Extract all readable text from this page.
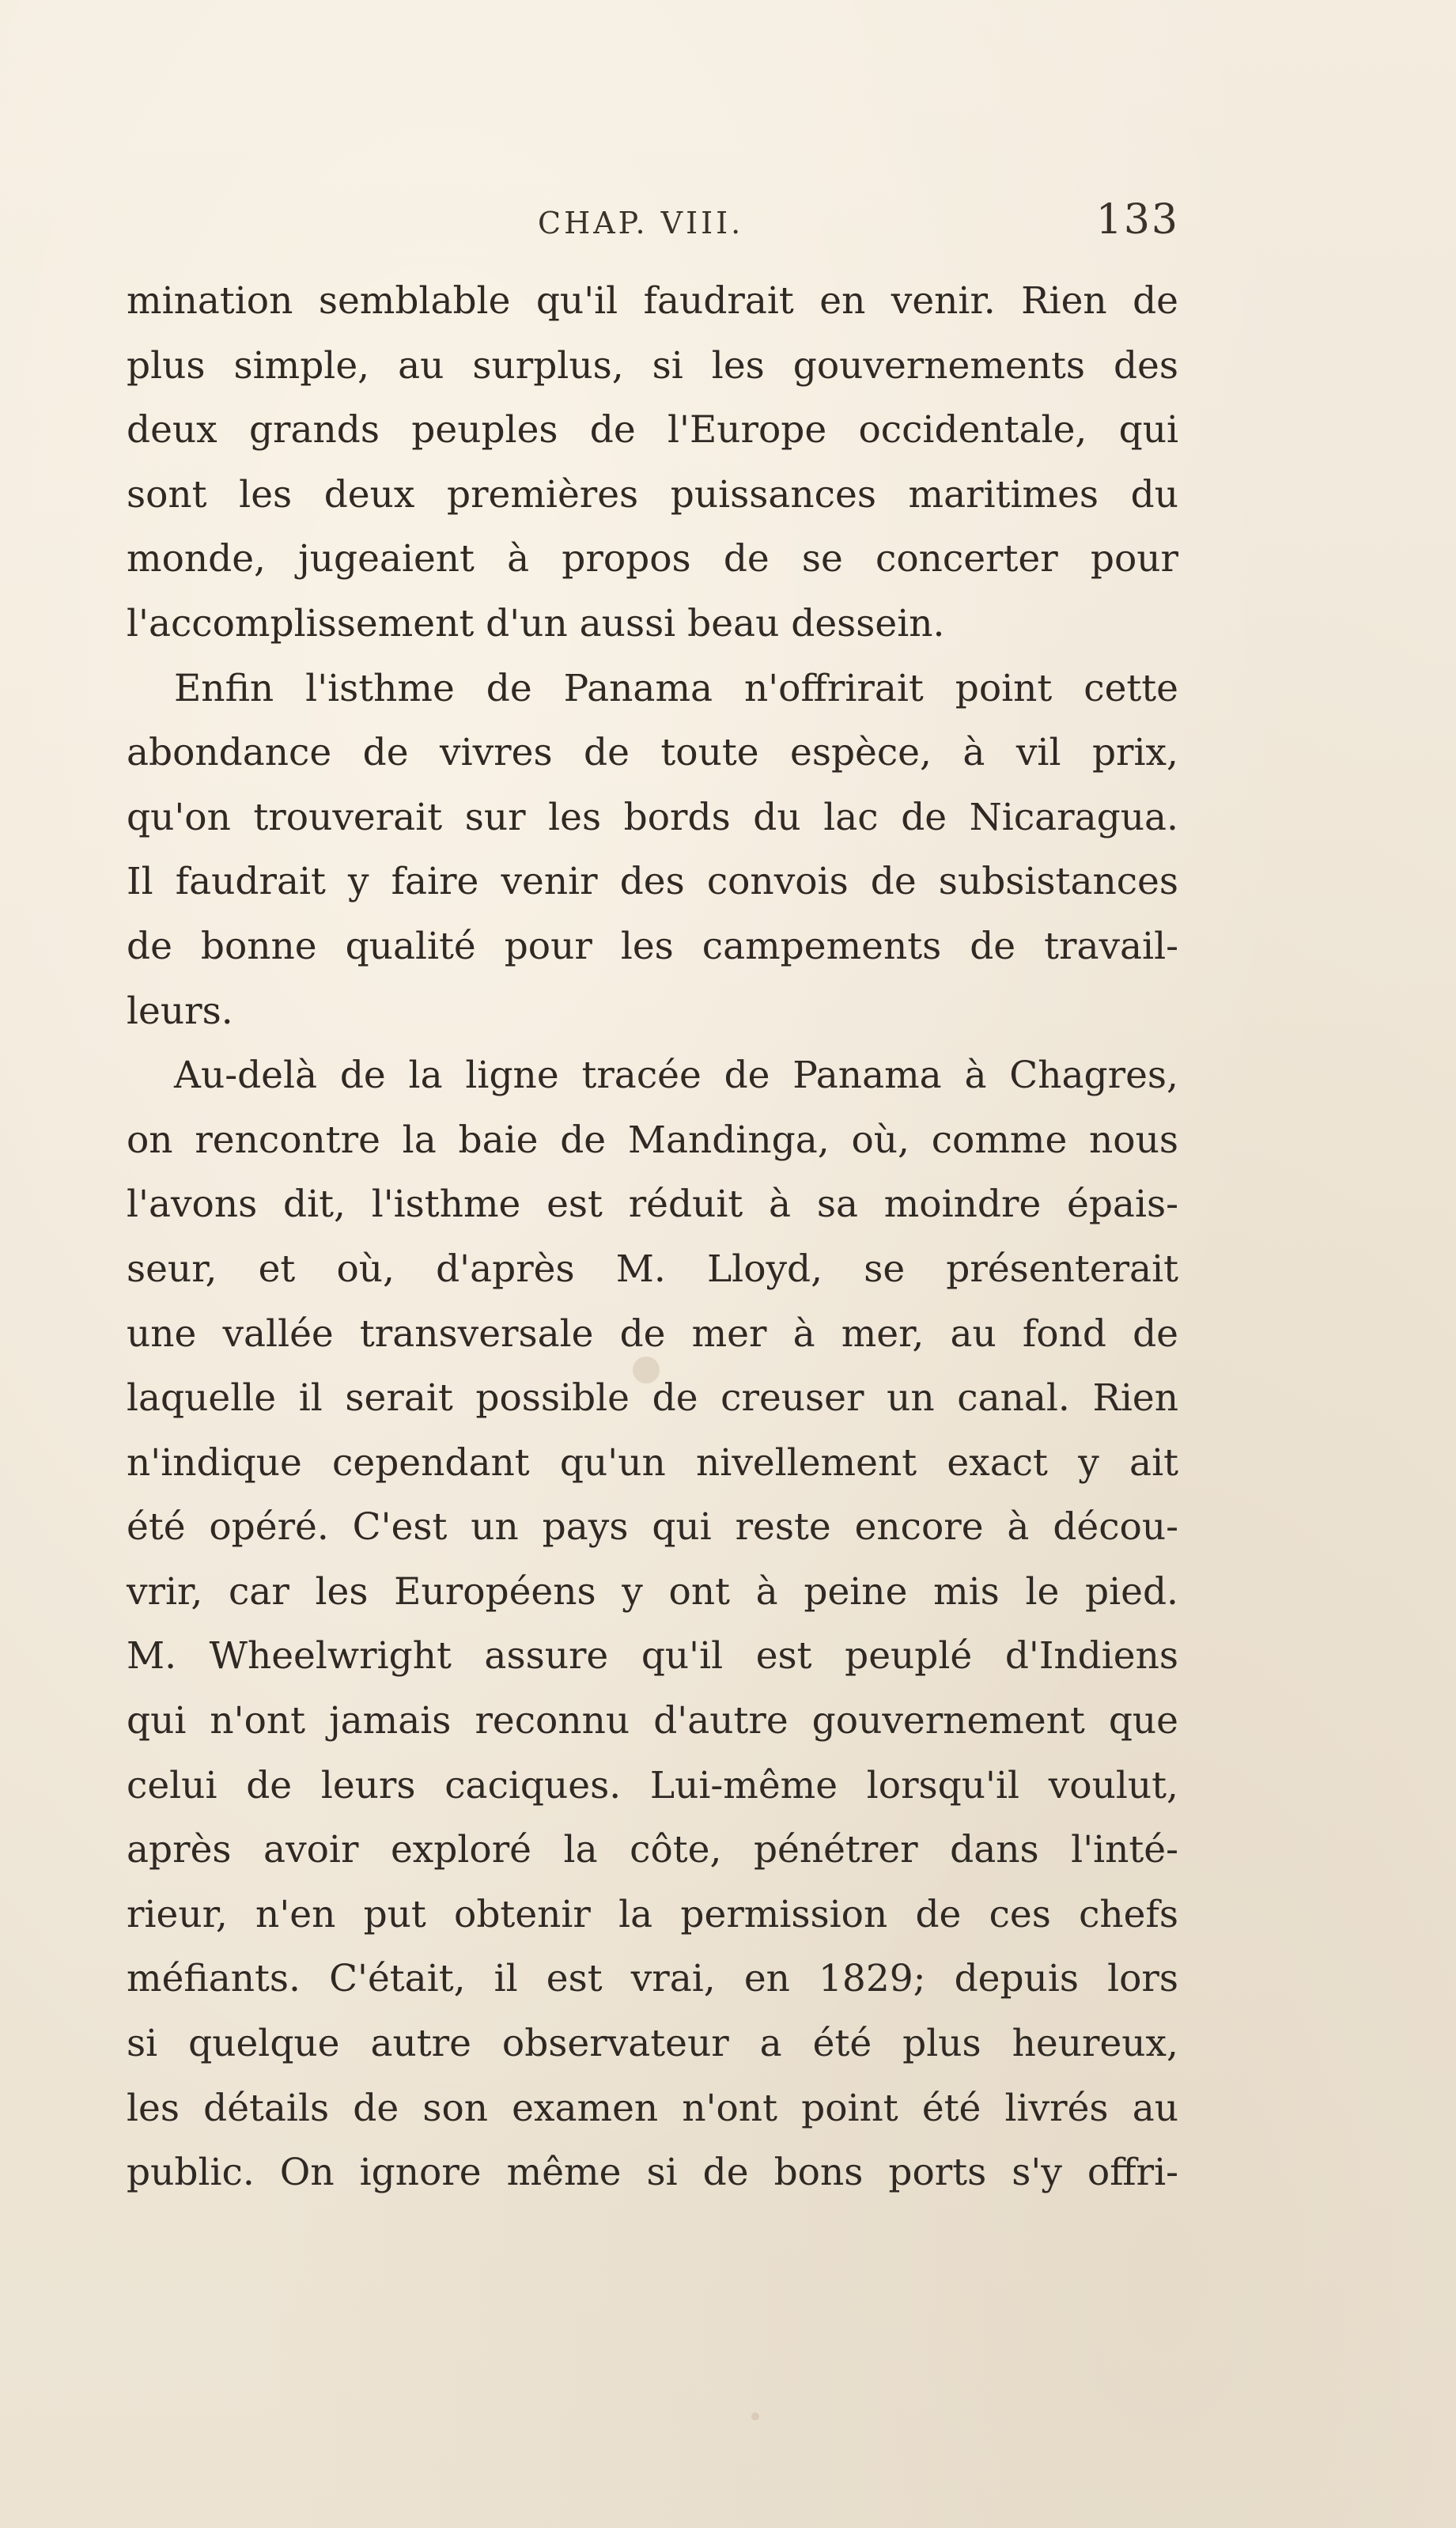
CHAP. VIII.	133
mination semblable qu'il faudrait en venir. Rien de
plus simple, au surplus, si les gouvernements des
deux grands peuples de l'Europe occidentale, qui
sont les deux premières puissances maritimes du
monde, jugeaient à propos de se concerter pour
l'accomplissement d'un aussi beau dessein.
Enfin l'isthme de Panama n'offrirait point cette
abondance de vivres de toute espèce, à vil prix,
qu'on trouverait sur les bords du lac de Nicaragua.
Il faudrait y faire venir des convois de subsistances
de bonne qualité pour les campements de travail-
leurs.
Au-delà de la ligne tracée de Panama à Chagres,
on rencontre la baie de Mandinga, où, comme nous
l'avons dit, l'isthme est réduit à sa moindre épais-
seur, et où, d'après M. Lloyd, se présenterait
une vallée transversale de mer à mer, au fond de
laquelle il serait possible de creuser un canal. Rien
n'indique cependant qu'un nivellement exact y ait
été opéré. C'est un pays qui reste encore à décou-
vrir, car les Européens y ont à peine mis le pied.
M. Wheelwright assure qu'il est peuplé d'Indiens
qui n'ont jamais reconnu d'autre gouvernement que
celui de leurs caciques. Lui-même lorsqu'il voulut,
après avoir exploré la côte, pénétrer dans l'inté-
rieur, n'en put obtenir la permission de ces chefs
méfiants. C'était, il est vrai, en 1829; depuis lors
si quelque autre observateur a été plus heureux,
les détails de son examen n'ont point été livrés au
public. On ignore même si de bons ports s'y offri-
